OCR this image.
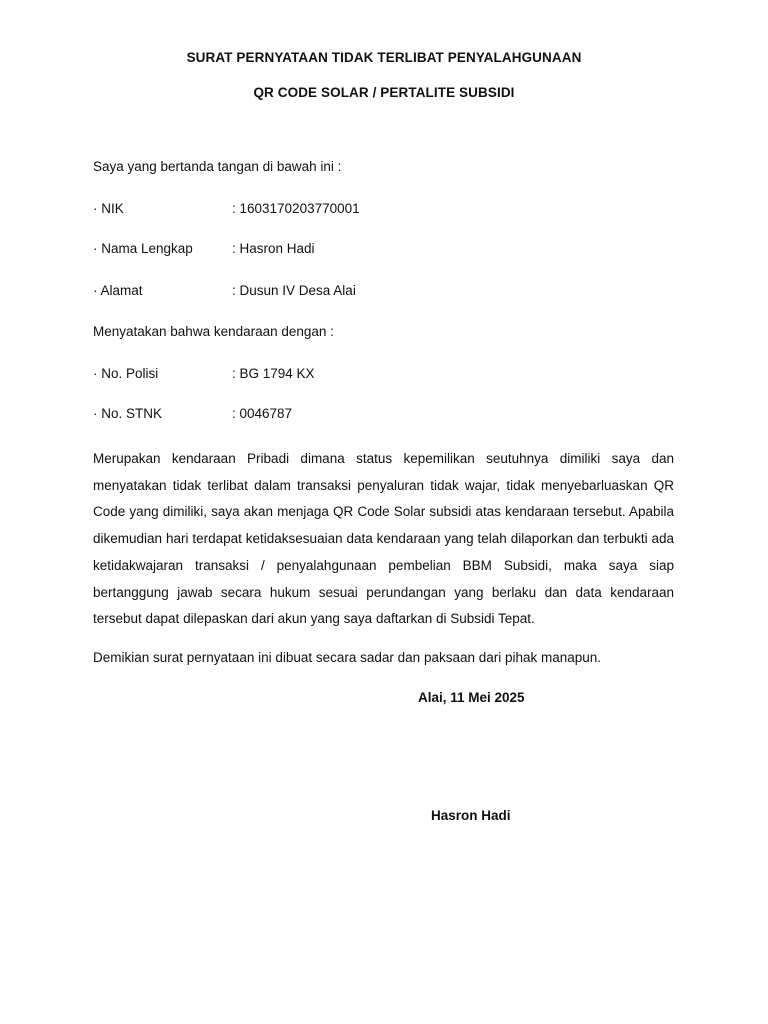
SURAT PERNYATAAN TIDAK TERLIBAT PENYALAHGUNAAN
QR CODE SOLAR / PERTALITE SUBSIDI
Saya yang bertanda tangan di bawah ini :
· NIK	: 1603170203770001
· Nama Lengkap	: Hasron Hadi
· Alamat	: Dusun IV Desa Alai
Menyatakan bahwa kendaraan dengan :
· No. Polisi	: BG 1794 KX
· No. STNK	: 0046787
Merupakan kendaraan Pribadi dimana status kepemilikan seutuhnya dimiliki saya dan menyatakan tidak terlibat dalam transaksi penyaluran tidak wajar, tidak menyebarluaskan QR Code yang dimiliki, saya akan menjaga QR Code Solar subsidi atas kendaraan tersebut. Apabila dikemudian hari terdapat ketidaksesuaian data kendaraan yang telah dilaporkan dan terbukti ada ketidakwajaran transaksi / penyalahgunaan pembelian BBM Subsidi, maka saya siap bertanggung jawab secara hukum sesuai perundangan yang berlaku dan data kendaraan tersebut dapat dilepaskan dari akun yang saya daftarkan di Subsidi Tepat.
Demikian surat pernyataan ini dibuat secara sadar dan paksaan dari pihak manapun.
Alai, 11 Mei 2025
Hasron Hadi
